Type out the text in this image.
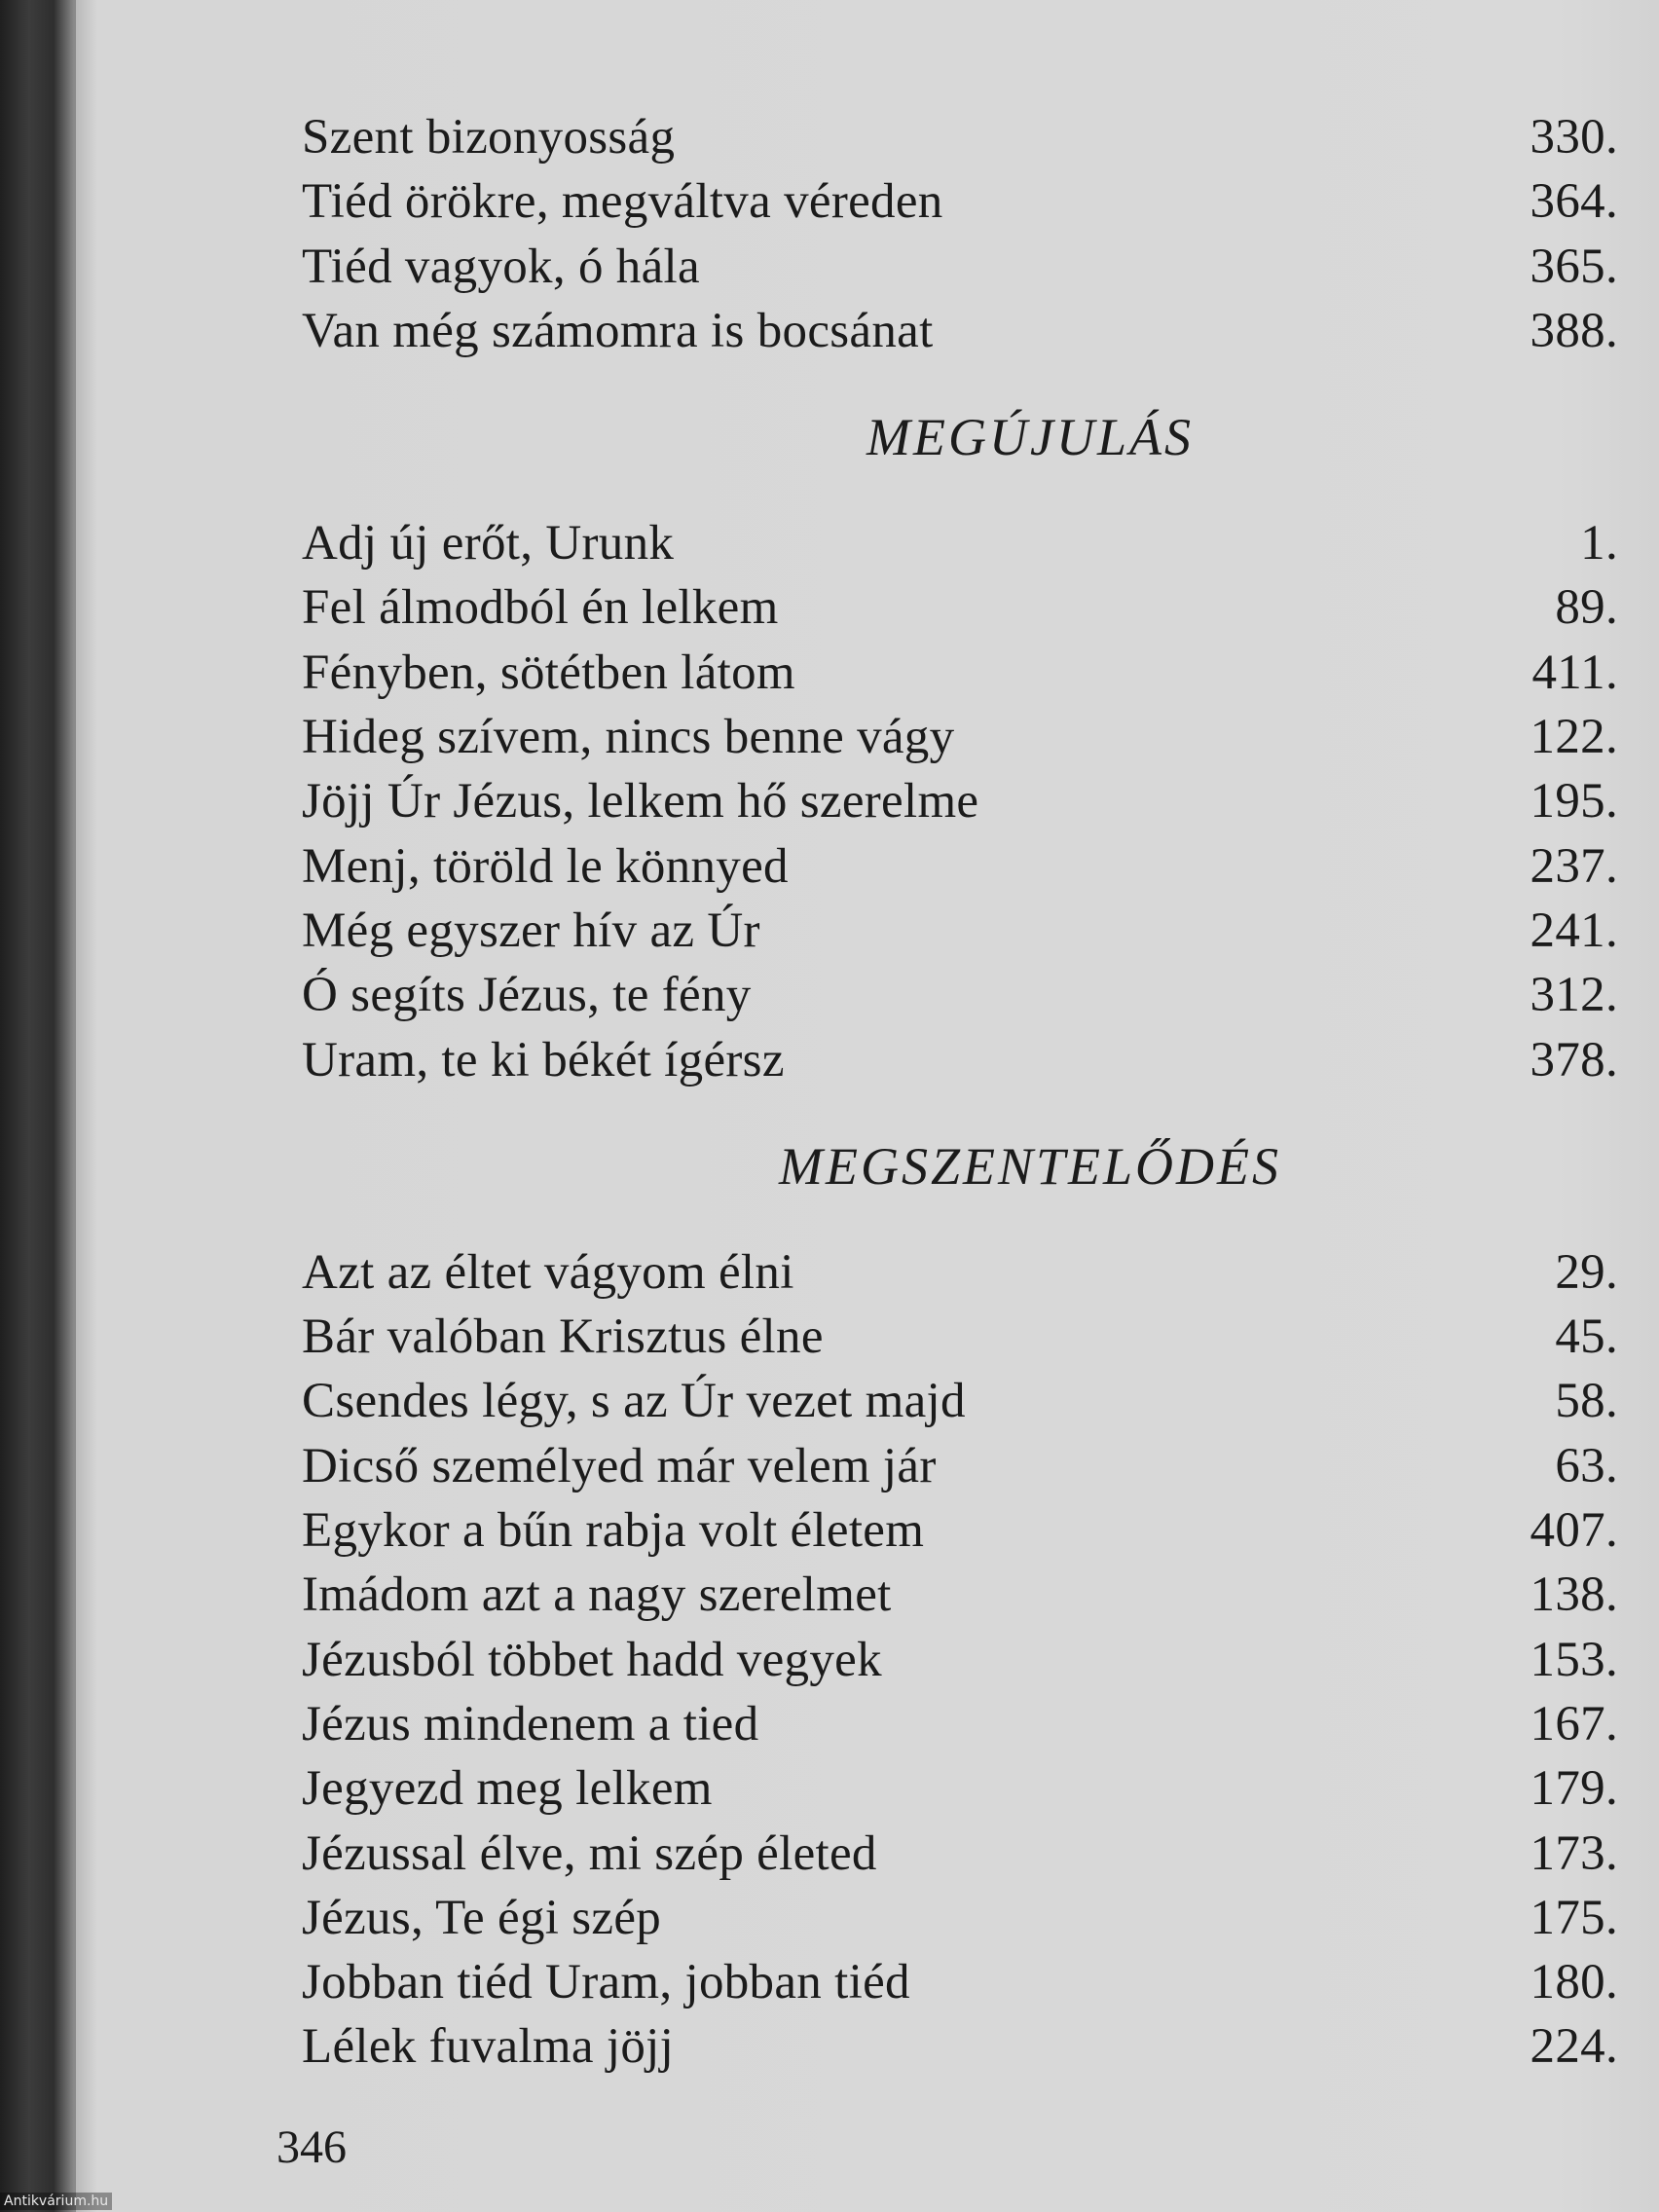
Szent bizonyosság	330.
Tiéd örökre, megváltva véreden	364.
Tiéd vagyok, ó hála	365.
Van még számomra is bocsánat	388.
MEGÚJULÁS
Adj új erőt, Urunk	1.
Fel álmodból én lelkem	89.
Fényben, sötétben látom	411.
Hideg szívem, nincs benne vágy	122.
Jöjj Úr Jézus, lelkem hő szerelme	195.
Menj, töröld le könnyed	237.
Még egyszer hív az Úr	241.
Ó segíts Jézus, te fény	312.
Uram, te ki békét ígérsz	378.
MEGSZENTELŐDÉS
Azt az éltet vágyom élni	29.
Bár valóban Krisztus élne	45.
Csendes légy, s az Úr vezet majd	58.
Dicső személyed már velem jár	63.
Egykor a bűn rabja volt életem	407.
Imádom azt a nagy szerelmet	138.
Jézusból többet hadd vegyek	153.
Jézus mindenem a tied	167.
Jegyezd meg lelkem	179.
Jézussal élve, mi szép életed	173.
Jézus, Te égi szép	175.
Jobban tiéd Uram, jobban tiéd	180.
Lélek fuvalma jöjj	224.
346
Antikvárium.hu
